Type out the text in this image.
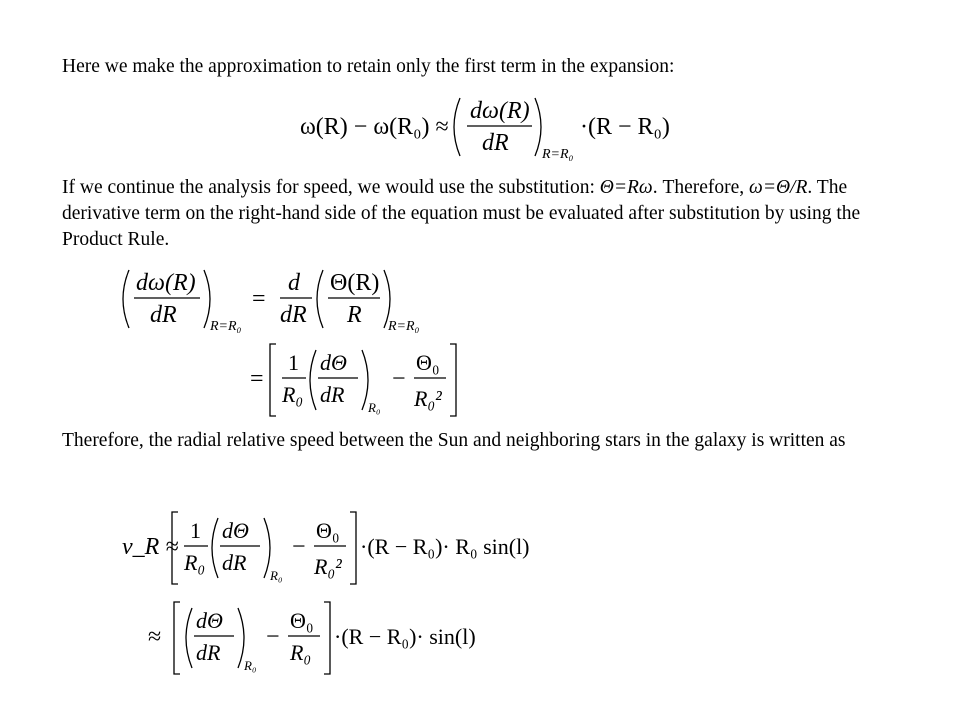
Here we make the approximation to retain only the first term in the expansion:
ω(R) − ω(R₀) ≈
dω(R)
dR R=R₀
·(R − R₀)
If we continue the analysis for speed, we would use the substitution: Θ=Rω. Therefore, ω=Θ/R. The derivative term on the right-hand side of the equation must be evaluated after substitution by using the Product Rule.
dω(R)
dR R=R₀
=
d
dR
Θ(R)
R R=R₀
=
1
R₀
dΘ
dR
R₀
−
Θ₀
R₀²
Therefore, the radial relative speed between the Sun and neighboring stars in the galaxy is written as
v_R ≈
1
R₀
dΘ
dR
R₀
−
Θ₀
R₀²
·(R − R₀)· R₀ sin(l)
≈
dΘ
dR
R₀
−
Θ₀
R₀
·(R − R₀)· sin(l)
